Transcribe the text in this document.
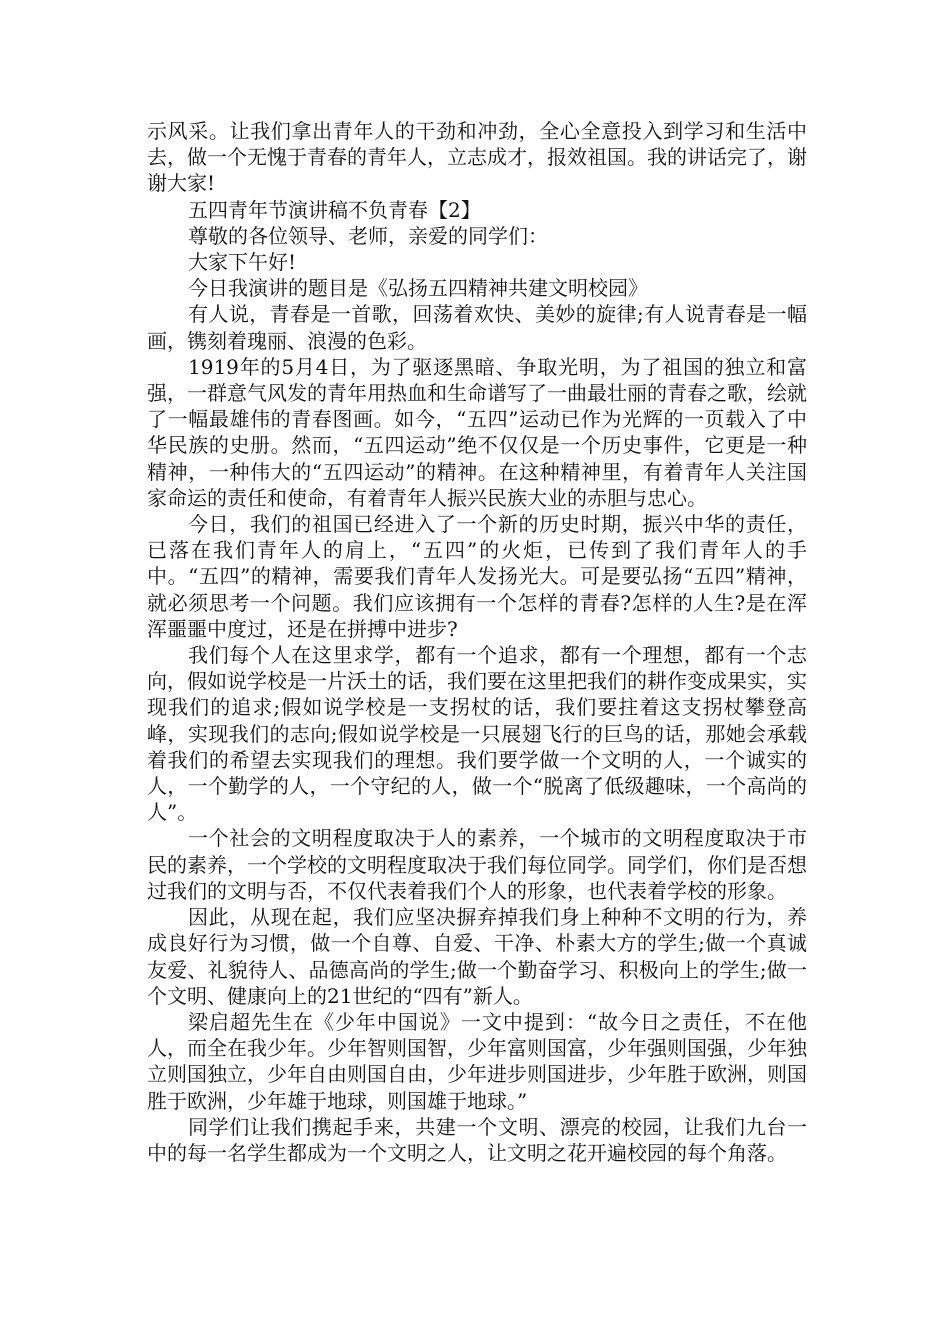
示风采。让我们拿出青年人的干劲和冲劲，全心全意投入到学习和生活中去，做一个无愧于青春的青年人，立志成才，报效祖国。我的讲话完了，谢谢大家!

五四青年节演讲稿不负青春【2】

尊敬的各位领导、老师，亲爱的同学们：

大家下午好!

今日我演讲的题目是《弘扬五四精神共建文明校园》

有人说，青春是一首歌，回荡着欢快、美妙的旋律;有人说青春是一幅画，镌刻着瑰丽、浪漫的色彩。

1919年的5月4日，为了驱逐黑暗、争取光明，为了祖国的独立和富强，一群意气风发的青年用热血和生命谱写了一曲最壮丽的青春之歌，绘就了一幅最雄伟的青春图画。如今，“五四”运动已作为光辉的一页载入了中华民族的史册。然而，“五四运动”绝不仅仅是一个历史事件，它更是一种精神，一种伟大的“五四运动”的精神。在这种精神里，有着青年人关注国家命运的责任和使命，有着青年人振兴民族大业的赤胆与忠心。

今日，我们的祖国已经进入了一个新的历史时期，振兴中华的责任，已落在我们青年人的肩上，“五四”的火炬，已传到了我们青年人的手中。“五四”的精神，需要我们青年人发扬光大。可是要弘扬“五四”精神，就必须思考一个问题。我们应该拥有一个怎样的青春?怎样的人生?是在浑浑噩噩中度过，还是在拼搏中进步?

我们每个人在这里求学，都有一个追求，都有一个理想，都有一个志向，假如说学校是一片沃土的话，我们要在这里把我们的耕作变成果实，实现我们的追求;假如说学校是一支拐杖的话，我们要拄着这支拐杖攀登高峰，实现我们的志向;假如说学校是一只展翅飞行的巨鸟的话，那她会承载着我们的希望去实现我们的理想。我们要学做一个文明的人，一个诚实的人，一个勤学的人，一个守纪的人，做一个“脱离了低级趣味，一个高尚的人”。

一个社会的文明程度取决于人的素养，一个城市的文明程度取决于市民的素养，一个学校的文明程度取决于我们每位同学。同学们，你们是否想过我们的文明与否，不仅代表着我们个人的形象，也代表着学校的形象。

因此，从现在起，我们应坚决摒弃掉我们身上种种不文明的行为，养成良好行为习惯，做一个自尊、自爱、干净、朴素大方的学生;做一个真诚友爱、礼貌待人、品德高尚的学生;做一个勤奋学习、积极向上的学生;做一个文明、健康向上的21世纪的“四有”新人。

梁启超先生在《少年中国说》一文中提到：“故今日之责任，不在他人，而全在我少年。少年智则国智，少年富则国富，少年强则国强，少年独立则国独立，少年自由则国自由，少年进步则国进步，少年胜于欧洲，则国胜于欧洲，少年雄于地球，则国雄于地球。”

同学们让我们携起手来，共建一个文明、漂亮的校园，让我们九台一中的每一名学生都成为一个文明之人，让文明之花开遍校园的每个角落。
